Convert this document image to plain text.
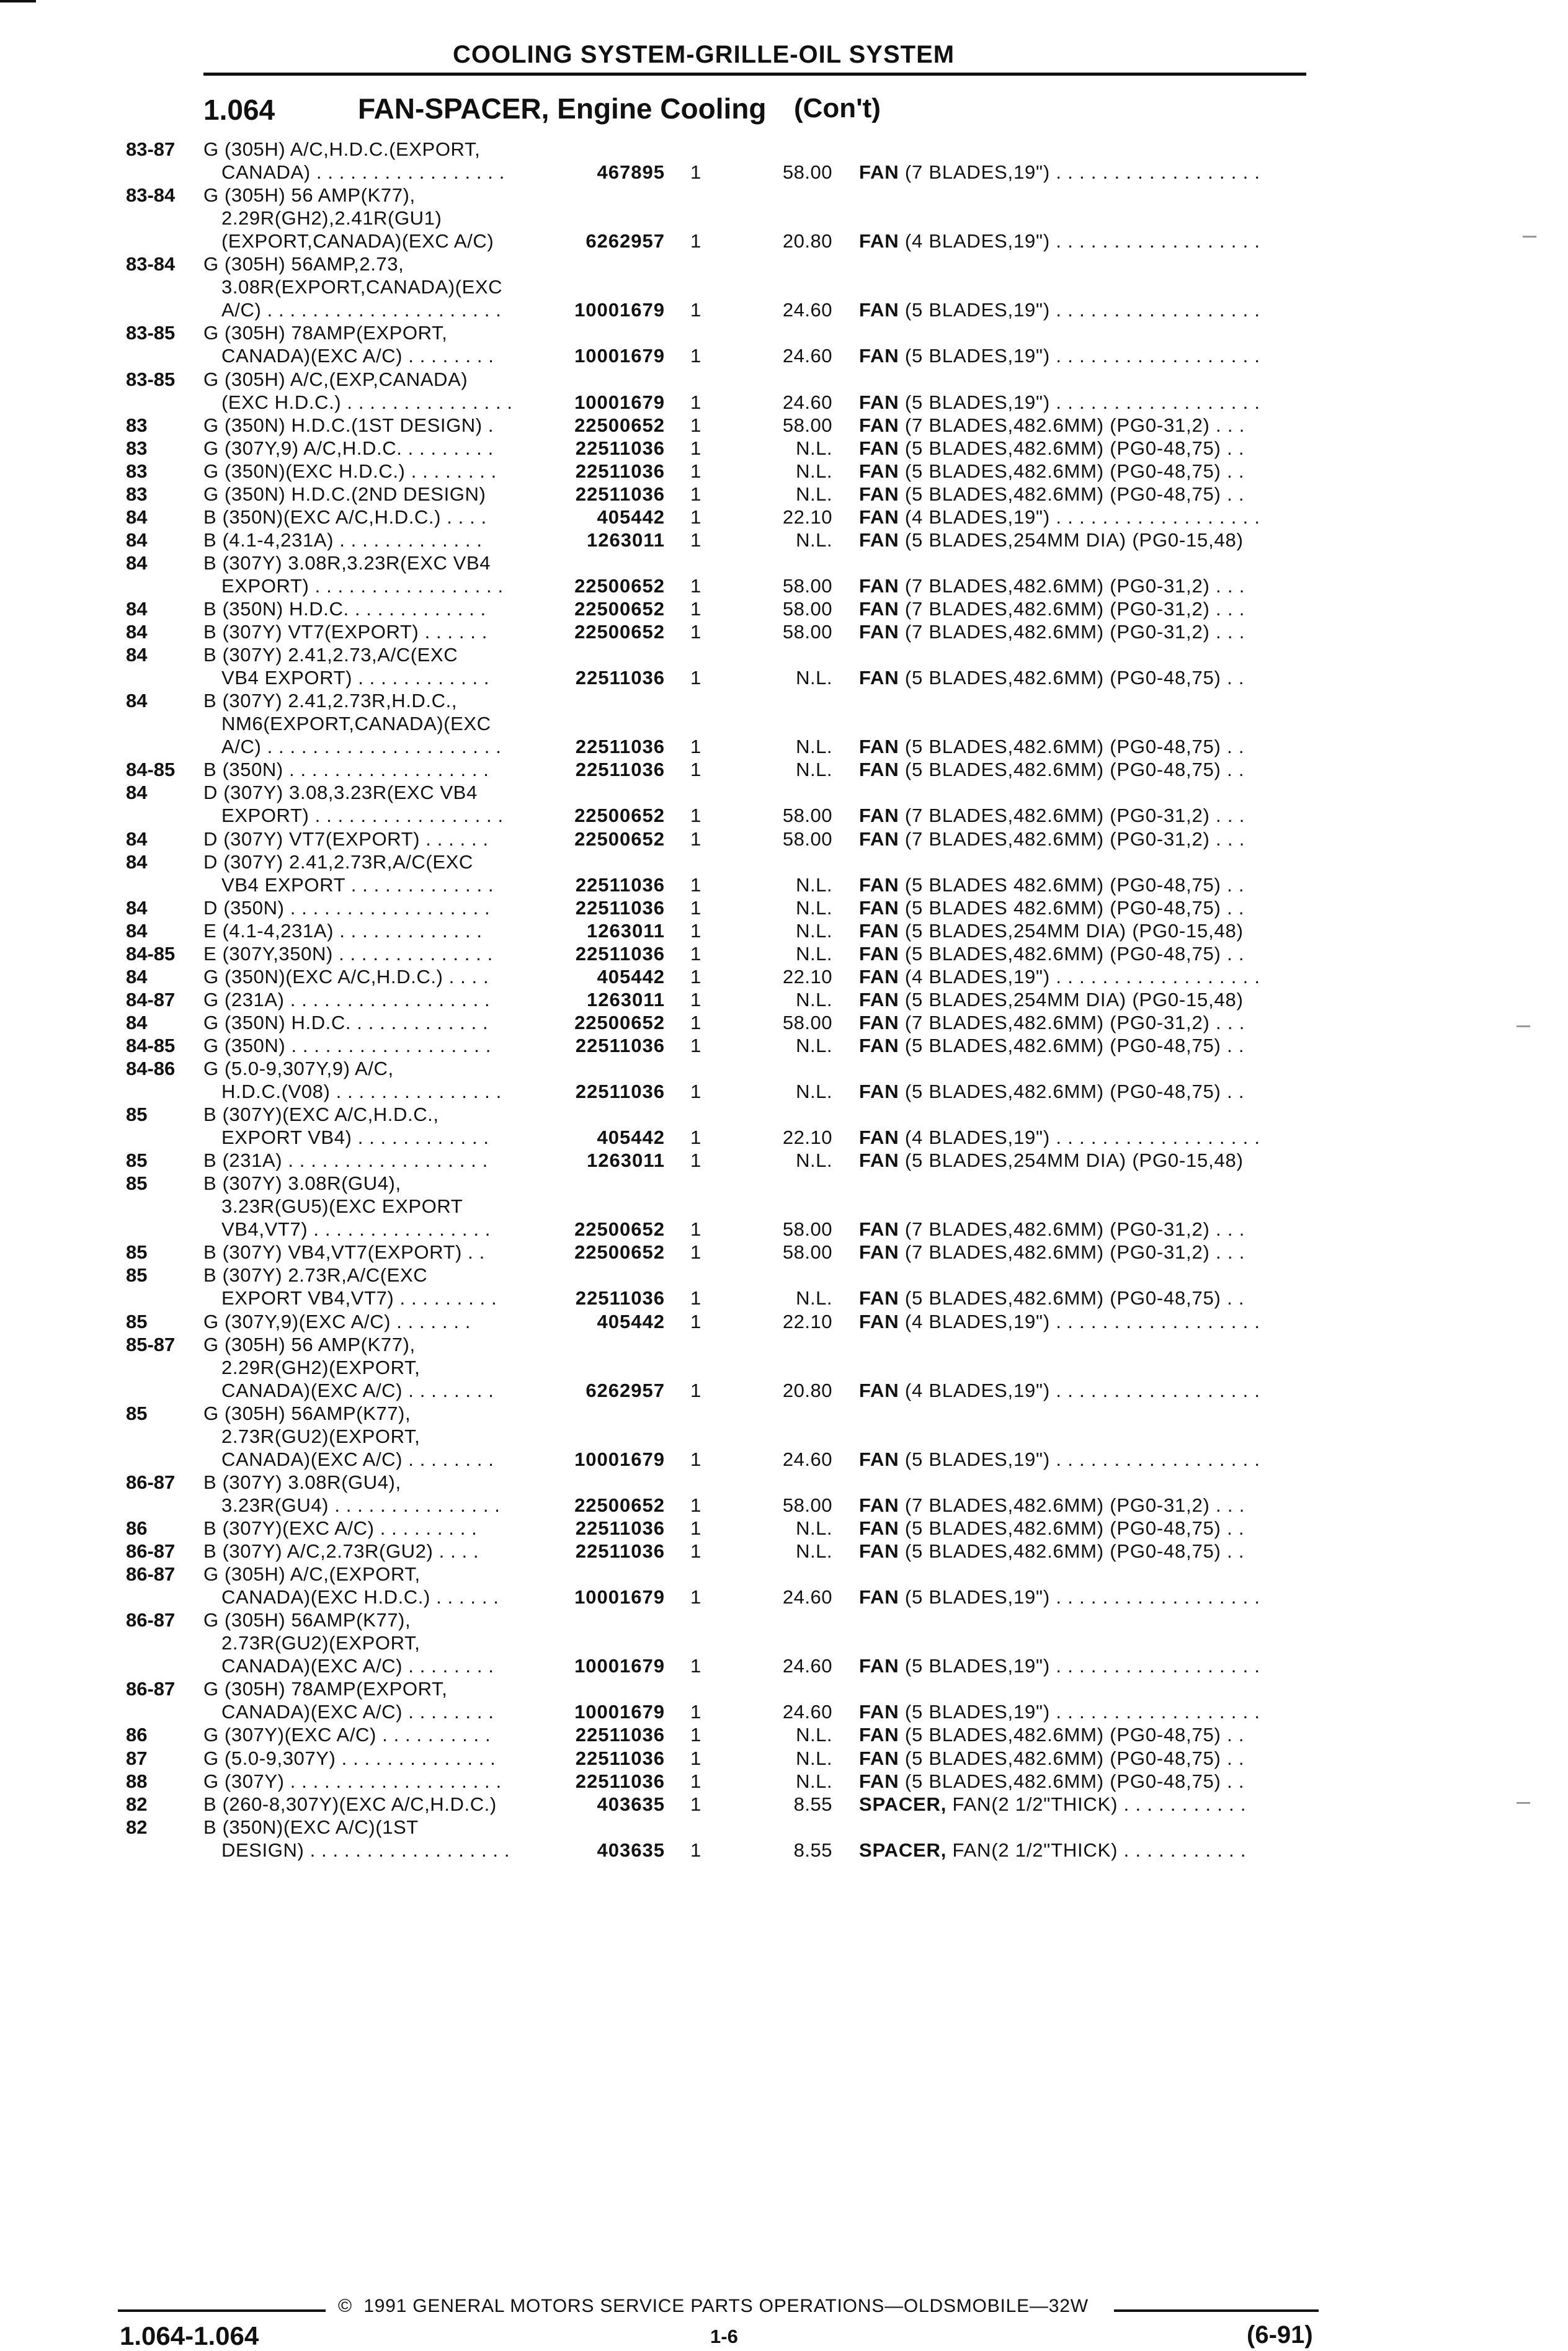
COOLING SYSTEM-GRILLE-OIL SYSTEM
1.064	FAN-SPACER, Engine Cooling (Con't)
83-87 G (305H) A/C,H.D.C.(EXPORT,
CANADA) . . . . . . . . . . . . . . . . .	467895 1	58.00 FAN (7 BLADES,19") . . . . . . . . . . . . . . . . . .
83-84 G (305H) 56 AMP(K77),
2.29R(GH2),2.41R(GU1)
(EXPORT,CANADA)(EXC A/C)	6262957 1	20.80 FAN (4 BLADES,19") . . . . . . . . . . . . . . . . . .
83-84 G (305H) 56AMP,2.73,
3.08R(EXPORT,CANADA)(EXC
A/C) . . . . . . . . . . . . . . . . . . . . .	10001679 1	24.60 FAN (5 BLADES,19") . . . . . . . . . . . . . . . . . .
83-85 G (305H) 78AMP(EXPORT,
CANADA)(EXC A/C) . . . . . . . .	10001679 1	24.60 FAN (5 BLADES,19") . . . . . . . . . . . . . . . . . .
83-85 G (305H) A/C,(EXP,CANADA)
(EXC H.D.C.) . . . . . . . . . . . . . . .	10001679 1	24.60 FAN (5 BLADES,19") . . . . . . . . . . . . . . . . . .
83	G (350N) H.D.C.(1ST DESIGN) .	22500652 1	58.00 FAN (7 BLADES,482.6MM) (PG0-31,2) . . .
83	G (307Y,9) A/C,H.D.C. . . . . . . . .	22511036 1	N.L. FAN (5 BLADES,482.6MM) (PG0-48,75) . .
83	G (350N)(EXC H.D.C.) . . . . . . . .	22511036 1	N.L. FAN (5 BLADES,482.6MM) (PG0-48,75) . .
83	G (350N) H.D.C.(2ND DESIGN)	22511036 1	N.L. FAN (5 BLADES,482.6MM) (PG0-48,75) . .
84	B (350N)(EXC A/C,H.D.C.) . . . .	405442 1	22.10 FAN (4 BLADES,19") . . . . . . . . . . . . . . . . . .
84	B (4.1-4,231A) . . . . . . . . . . . . .	1263011 1	N.L. FAN (5 BLADES,254MM DIA) (PG0-15,48)
84	B (307Y) 3.08R,3.23R(EXC VB4
EXPORT) . . . . . . . . . . . . . . . . .	22500652 1	58.00 FAN (7 BLADES,482.6MM) (PG0-31,2) . . .
84	B (350N) H.D.C. . . . . . . . . . . . .	22500652 1	58.00 FAN (7 BLADES,482.6MM) (PG0-31,2) . . .
84	B (307Y) VT7(EXPORT) . . . . . .	22500652 1	58.00 FAN (7 BLADES,482.6MM) (PG0-31,2) . . .
84	B (307Y) 2.41,2.73,A/C(EXC
VB4 EXPORT) . . . . . . . . . . . .	22511036 1	N.L. FAN (5 BLADES,482.6MM) (PG0-48,75) . .
84	B (307Y) 2.41,2.73R,H.D.C.,
NM6(EXPORT,CANADA)(EXC
A/C) . . . . . . . . . . . . . . . . . . . . .	22511036 1	N.L. FAN (5 BLADES,482.6MM) (PG0-48,75) . .
84-85 B (350N) . . . . . . . . . . . . . . . . . .	22511036 1	N.L. FAN (5 BLADES,482.6MM) (PG0-48,75) . .
84	D (307Y) 3.08,3.23R(EXC VB4
EXPORT) . . . . . . . . . . . . . . . . .	22500652 1	58.00 FAN (7 BLADES,482.6MM) (PG0-31,2) . . .
84	D (307Y) VT7(EXPORT) . . . . . .	22500652 1	58.00 FAN (7 BLADES,482.6MM) (PG0-31,2) . . .
84	D (307Y) 2.41,2.73R,A/C(EXC
VB4 EXPORT . . . . . . . . . . . . .	22511036 1	N.L. FAN (5 BLADES 482.6MM) (PG0-48,75) . .
84	D (350N) . . . . . . . . . . . . . . . . . .	22511036 1	N.L. FAN (5 BLADES 482.6MM) (PG0-48,75) . .
84	E (4.1-4,231A) . . . . . . . . . . . . .	1263011 1	N.L. FAN (5 BLADES,254MM DIA) (PG0-15,48)
84-85 E (307Y,350N) . . . . . . . . . . . . . .	22511036 1	N.L. FAN (5 BLADES,482.6MM) (PG0-48,75) . .
84	G (350N)(EXC A/C,H.D.C.) . . . .	405442 1	22.10 FAN (4 BLADES,19") . . . . . . . . . . . . . . . . . .
84-87 G (231A) . . . . . . . . . . . . . . . . . .	1263011 1	N.L. FAN (5 BLADES,254MM DIA) (PG0-15,48)
84	G (350N) H.D.C. . . . . . . . . . . . .	22500652 1	58.00 FAN (7 BLADES,482.6MM) (PG0-31,2) . . .
84-85 G (350N) . . . . . . . . . . . . . . . . . .	22511036 1	N.L. FAN (5 BLADES,482.6MM) (PG0-48,75) . .
84-86 G (5.0-9,307Y,9) A/C,
H.D.C.(V08) . . . . . . . . . . . . . . .	22511036 1	N.L. FAN (5 BLADES,482.6MM) (PG0-48,75) . .
85	B (307Y)(EXC A/C,H.D.C.,
EXPORT VB4) . . . . . . . . . . . .	405442 1	22.10 FAN (4 BLADES,19") . . . . . . . . . . . . . . . . . .
85	B (231A) . . . . . . . . . . . . . . . . . .	1263011 1	N.L. FAN (5 BLADES,254MM DIA) (PG0-15,48)
85	B (307Y) 3.08R(GU4),
3.23R(GU5)(EXC EXPORT
VB4,VT7) . . . . . . . . . . . . . . . .	22500652 1	58.00 FAN (7 BLADES,482.6MM) (PG0-31,2) . . .
85	B (307Y) VB4,VT7(EXPORT) . .	22500652 1	58.00 FAN (7 BLADES,482.6MM) (PG0-31,2) . . .
85	B (307Y) 2.73R,A/C(EXC
EXPORT VB4,VT7) . . . . . . . . .	22511036 1	N.L. FAN (5 BLADES,482.6MM) (PG0-48,75) . .
85	G (307Y,9)(EXC A/C) . . . . . . .	405442 1	22.10 FAN (4 BLADES,19") . . . . . . . . . . . . . . . . . .
85-87 G (305H) 56 AMP(K77),
2.29R(GH2)(EXPORT,
CANADA)(EXC A/C) . . . . . . . .	6262957 1	20.80 FAN (4 BLADES,19") . . . . . . . . . . . . . . . . . .
85	G (305H) 56AMP(K77),
2.73R(GU2)(EXPORT,
CANADA)(EXC A/C) . . . . . . . .	10001679 1	24.60 FAN (5 BLADES,19") . . . . . . . . . . . . . . . . . .
86-87 B (307Y) 3.08R(GU4),
3.23R(GU4) . . . . . . . . . . . . . . .	22500652 1	58.00 FAN (7 BLADES,482.6MM) (PG0-31,2) . . .
86	B (307Y)(EXC A/C) . . . . . . . . .	22511036 1	N.L. FAN (5 BLADES,482.6MM) (PG0-48,75) . .
86-87 B (307Y) A/C,2.73R(GU2) . . . .	22511036 1	N.L. FAN (5 BLADES,482.6MM) (PG0-48,75) . .
86-87 G (305H) A/C,(EXPORT,
CANADA)(EXC H.D.C.) . . . . . .	10001679 1	24.60 FAN (5 BLADES,19") . . . . . . . . . . . . . . . . . .
86-87 G (305H) 56AMP(K77),
2.73R(GU2)(EXPORT,
CANADA)(EXC A/C) . . . . . . . .	10001679 1	24.60 FAN (5 BLADES,19") . . . . . . . . . . . . . . . . . .
86-87 G (305H) 78AMP(EXPORT,
CANADA)(EXC A/C) . . . . . . . .	10001679 1	24.60 FAN (5 BLADES,19") . . . . . . . . . . . . . . . . . .
86	G (307Y)(EXC A/C) . . . . . . . . . .	22511036 1	N.L. FAN (5 BLADES,482.6MM) (PG0-48,75) . .
87	G (5.0-9,307Y) . . . . . . . . . . . . . .	22511036 1	N.L. FAN (5 BLADES,482.6MM) (PG0-48,75) . .
88	G (307Y) . . . . . . . . . . . . . . . . . . .	22511036 1	N.L. FAN (5 BLADES,482.6MM) (PG0-48,75) . .
82	B (260-8,307Y)(EXC A/C,H.D.C.)	403635 1	8.55 SPACER, FAN(2 1/2"THICK) . . . . . . . . . . .
82	B (350N)(EXC A/C)(1ST
DESIGN) . . . . . . . . . . . . . . . . . .	403635 1	8.55 SPACER, FAN(2 1/2"THICK) . . . . . . . . . . .
© 1991 GENERAL MOTORS SERVICE PARTS OPERATIONS—OLDSMOBILE—32W
1.064-1.064	1-6	(6-91)
